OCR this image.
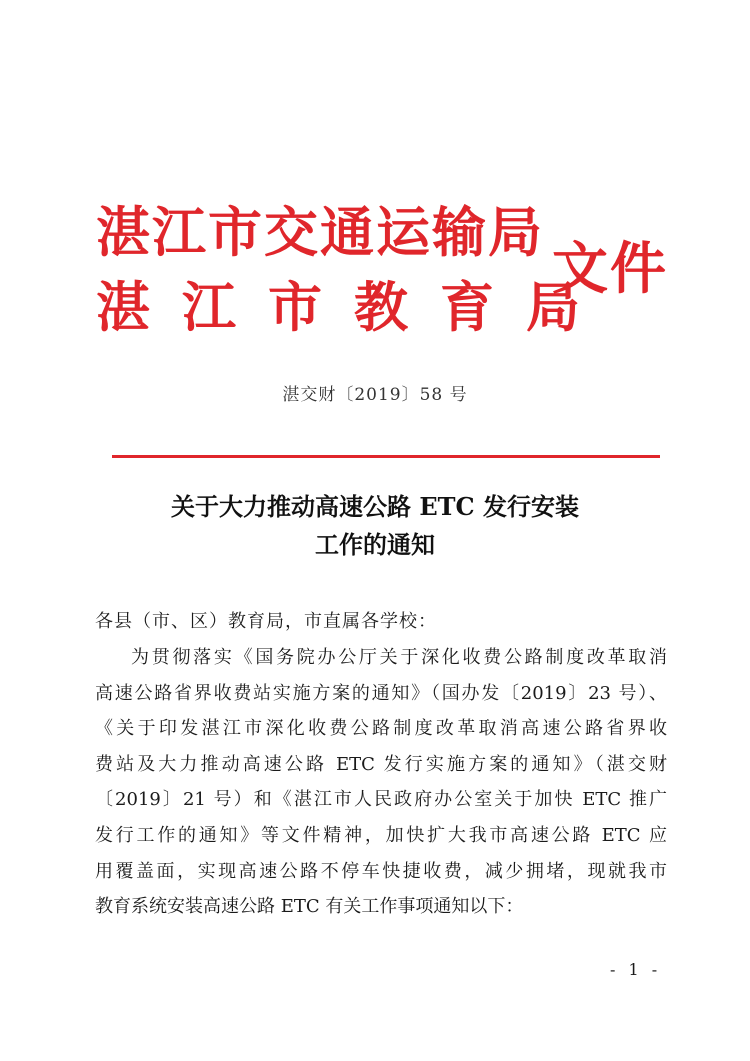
湛江市交通运输局
湛江市教育局
文件
湛交财〔2019〕58 号
关于大力推动高速公路 ETC 发行安装
工作的通知
各县（市、区）教育局，市直属各学校：
为贯彻落实《国务院办公厅关于深化收费公路制度改革取消
高速公路省界收费站实施方案的通知》（国办发〔2019〕23 号）、
《关于印发湛江市深化收费公路制度改革取消高速公路省界收
费站及大力推动高速公路 ETC 发行实施方案的通知》（湛交财
〔2019〕21 号）和《湛江市人民政府办公室关于加快 ETC 推广
发行工作的通知》等文件精神，加快扩大我市高速公路 ETC 应
用覆盖面，实现高速公路不停车快捷收费，减少拥堵，现就我市
教育系统安装高速公路 ETC 有关工作事项通知以下：
- 1 -
